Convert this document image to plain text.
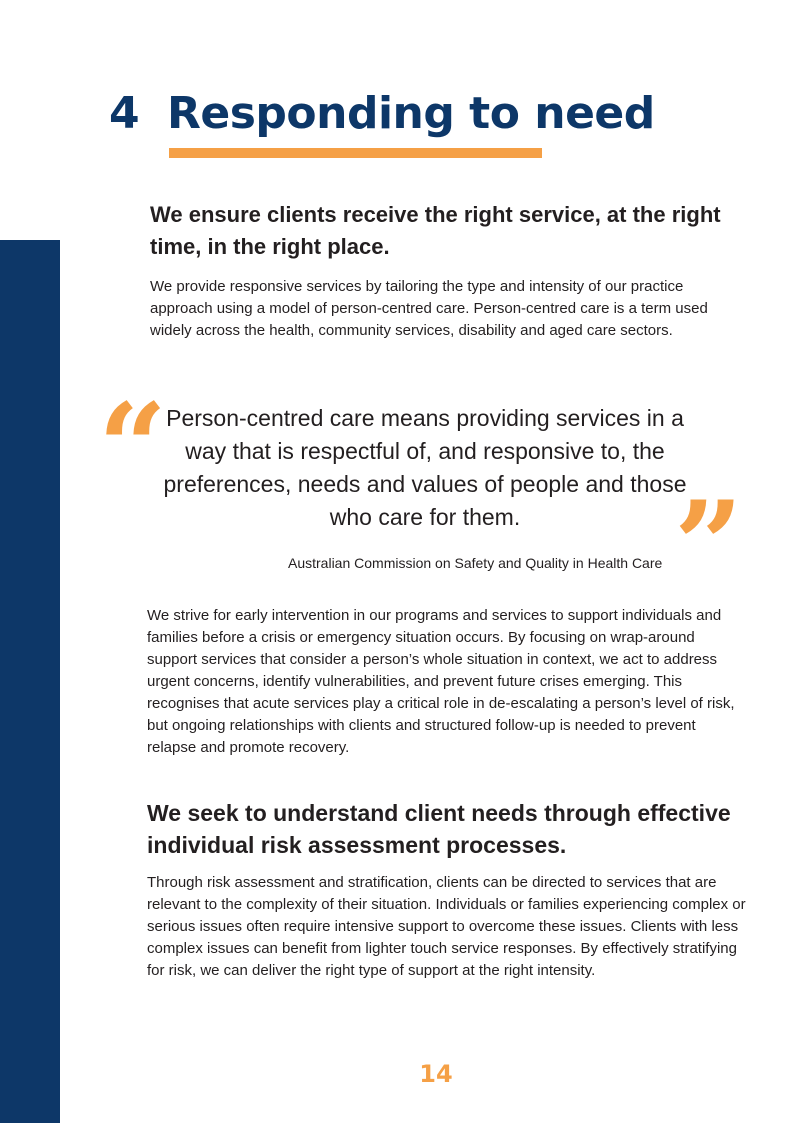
4 Responding to need
We ensure clients receive the right service, at the right time, in the right place.

We provide responsive services by tailoring the type and intensity of our practice approach using a model of person-centred care. Person-centred care is a term used widely across the health, community services, disability and aged care sectors.

“ Person-centred care means providing services in a way that is respectful of, and responsive to, the preferences, needs and values of people and those who care for them.	”

Australian Commission on Safety and Quality in Health Care

We strive for early intervention in our programs and services to support individuals and families before a crisis or emergency situation occurs. By focusing on wrap-around support services that consider a person’s whole situation in context, we act to address urgent concerns, identify vulnerabilities, and prevent future crises emerging. This recognises that acute services play a critical role in de-escalating a person’s level of risk, but ongoing relationships with clients and structured follow-up is needed to prevent relapse and promote recovery.

We seek to understand client needs through effective individual risk assessment processes.

Through risk assessment and stratification, clients can be directed to services that are relevant to the complexity of their situation. Individuals or families experiencing complex or serious issues often require intensive support to overcome these issues. Clients with less complex issues can benefit from lighter touch service responses. By effectively stratifying for risk, we can deliver the right type of support at the right intensity.

14
